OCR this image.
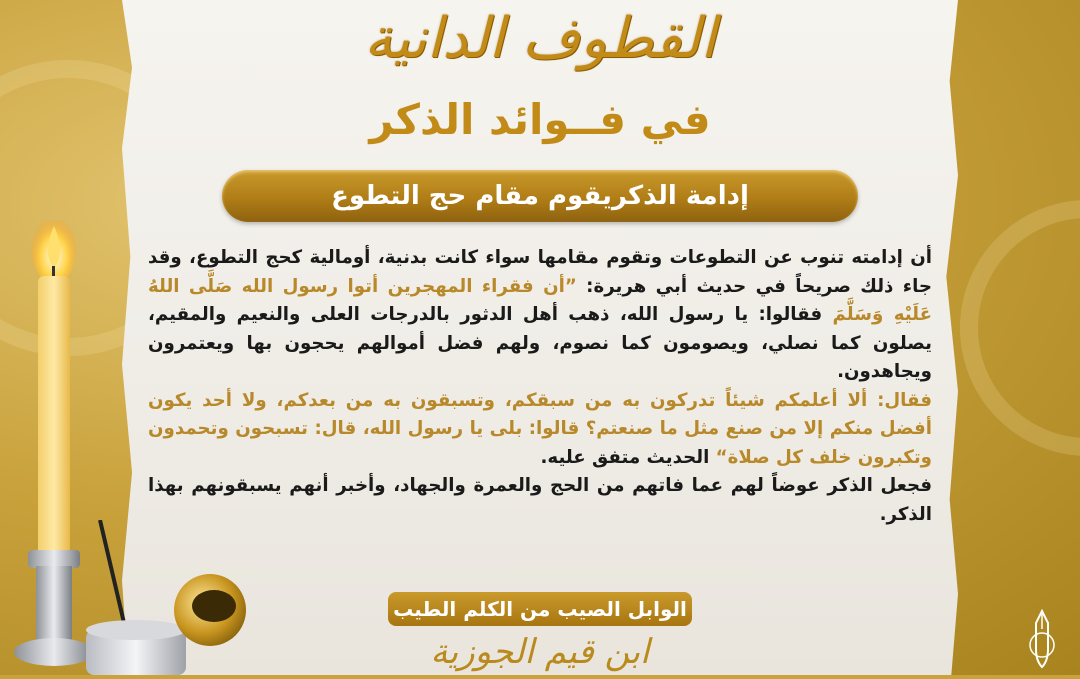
القطوف الدانية
في فــوائد الذكر
إدامة الذكريقوم مقام حج التطوع

أن إدامته تنوب عن التطوعات وتقوم مقامها سواء كانت بدنية، أومالية كحج التطوع، وقد جاء ذلك صريحاً في حديث أبي هريرة: ”أن فقراء المهجرين أتوا رسول الله صَلَّى اللهُ عَلَيْهِ وَسَلَّمَ فقالوا: يا رسول الله، ذهب أهل الدثور بالدرجات العلى والنعيم والمقيم، يصلون كما نصلي، ويصومون كما نصوم، ولهم فضل أموالهم يحجون بها ويعتمرون ويجاهدون.

فقال: ألا أعلمكم شيئاً تدركون به من سبقكم، وتسبقون به من بعدكم، ولا أحد يكون أفضل منكم إلا من صنع مثل ما صنعتم؟ قالوا: بلى يا رسول الله، قال: تسبحون وتحمدون وتكبرون خلف كل صلاة“ الحديث متفق عليه.

فجعل الذكر عوضاً لهم عما فاتهم من الحج والعمرة والجهاد، وأخبر أنهم يسبقونهم بهذا الذكر.

الوابل الصيب من الكلم الطيب
ابن قيم الجوزية
